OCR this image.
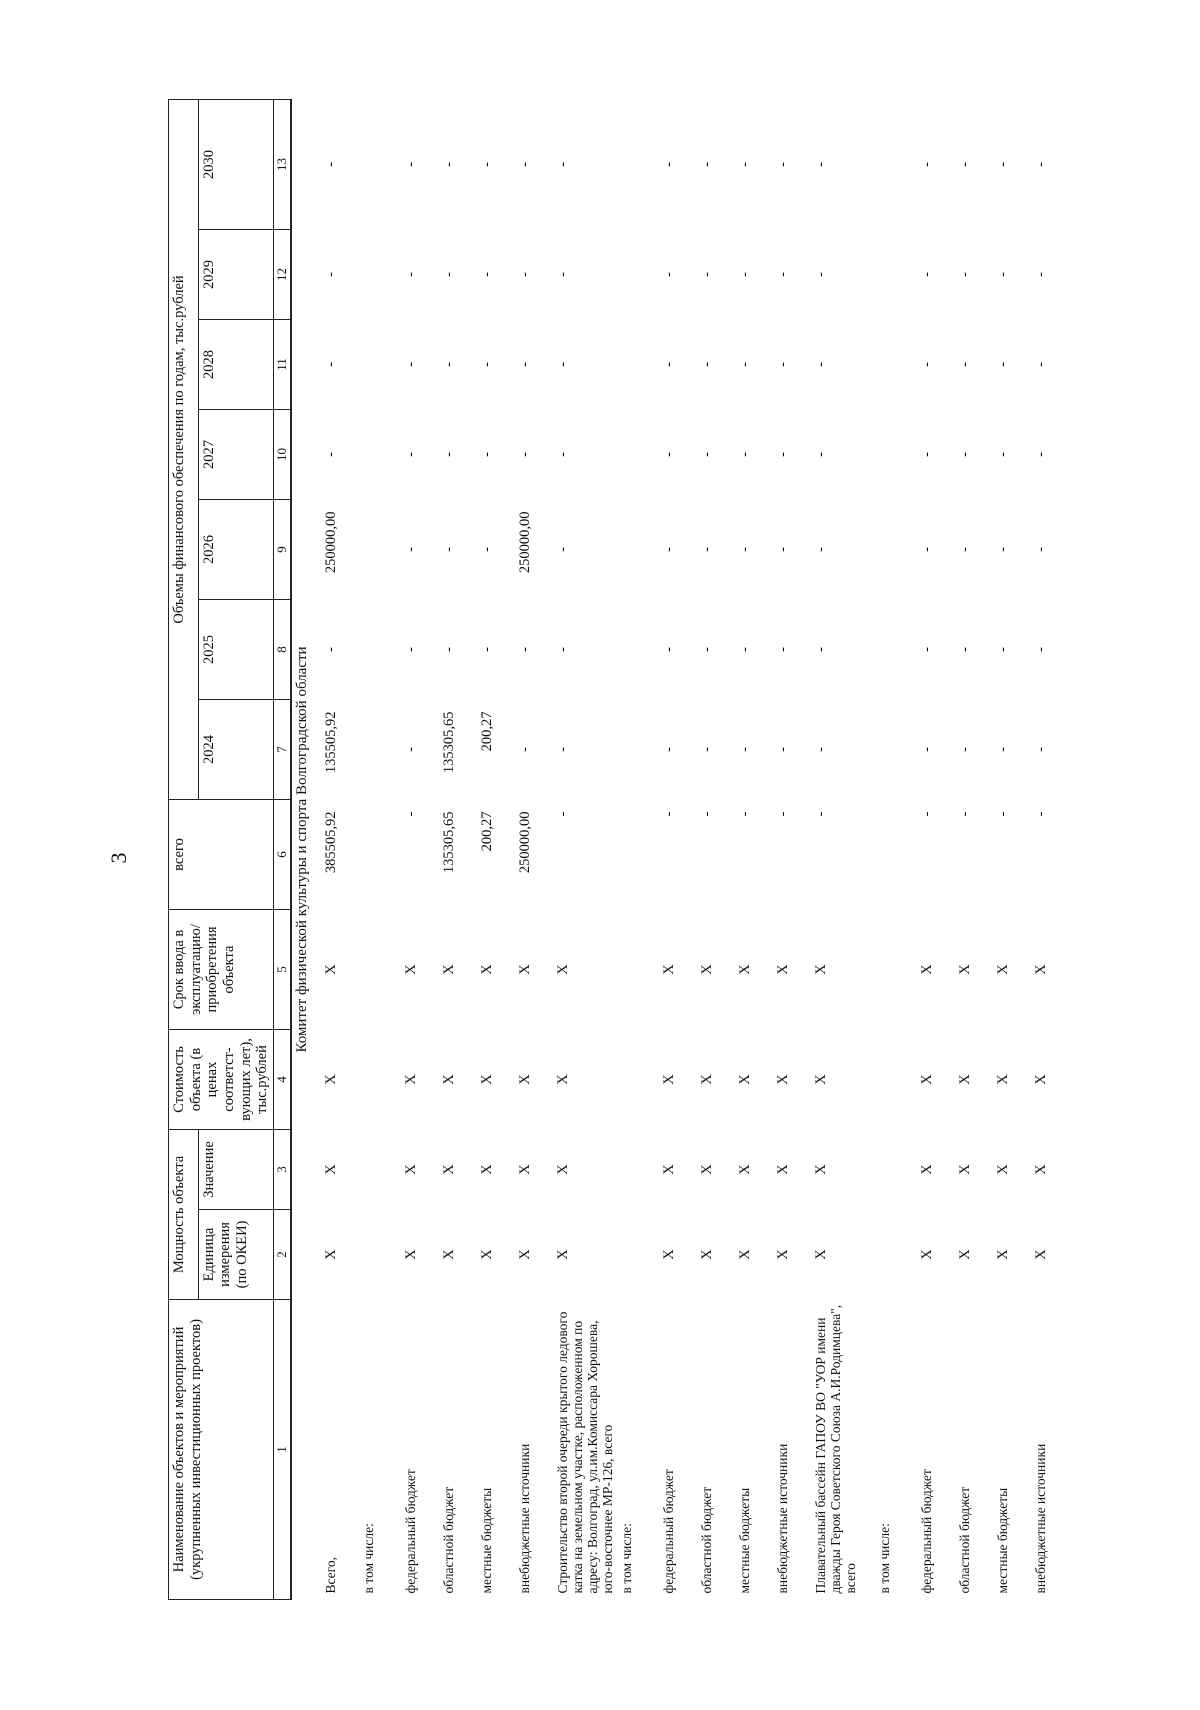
3
Наименование объектов и мероприятий (укрупненных инвестиционных проектов)	Мощность объекта		Стоимость объекта (в ценах соответст-вующих лет), тыс.рублей	Срок ввода в эксплуатацию/ приобретения объекта	всего	Объемы финансового обеспечения по годам, тыс.рублей						
	Единица измерения (по ОКЕИ)	Значение				2024	2025	2026	2027	2028	2029	2030
1	2	3	4	5	6	7	8	9	10	11	12	13
Комитет физической культуры и спорта Волгоградской области												
Всего,	X	X	X	X	385505,92	135505,92	-	250000,00	-	-	-	-
в том числе:												
федеральный бюджет	X	X	X	X	-	-	-	-	-	-	-	-
областной бюджет	X	X	X	X	135305,65	135305,65	-	-	-	-	-	-
местные бюджеты	X	X	X	X	200,27	200,27	-	-	-	-	-	-
внебюджетные источники	X	X	X	X	250000,00	-	-	250000,00	-	-	-	-
Строительство второй очереди крытого ледового катка на земельном участке, расположенном по адресу: Волгоград, ул.им.Комиссара Хорошева, юго-восточнее МР-126, всего	X	X	X	X	-	-	-	-	-	-	-	-
в том числе:												
федеральный бюджет	X	X	X	X	-	-	-	-	-	-	-	-
областной бюджет	X	X	X	X	-	-	-	-	-	-	-	-
местные бюджеты	X	X	X	X	-	-	-	-	-	-	-	-
внебюджетные источники	X	X	X	X	-	-	-	-	-	-	-	-
Плавательный бассейн ГАПОУ ВО "УОР имени дважды Героя Советского Союза А.И.Родимцева", всего	X	X	X	X	-	-	-	-	-	-	-	-
в том числе:												
федеральный бюджет	X	X	X	X	-	-	-	-	-	-	-	-
областной бюджет	X	X	X	X	-	-	-	-	-	-	-	-
местные бюджеты	X	X	X	X	-	-	-	-	-	-	-	-
внебюджетные источники	X	X	X	X	-	-	-	-	-	-	-	-
